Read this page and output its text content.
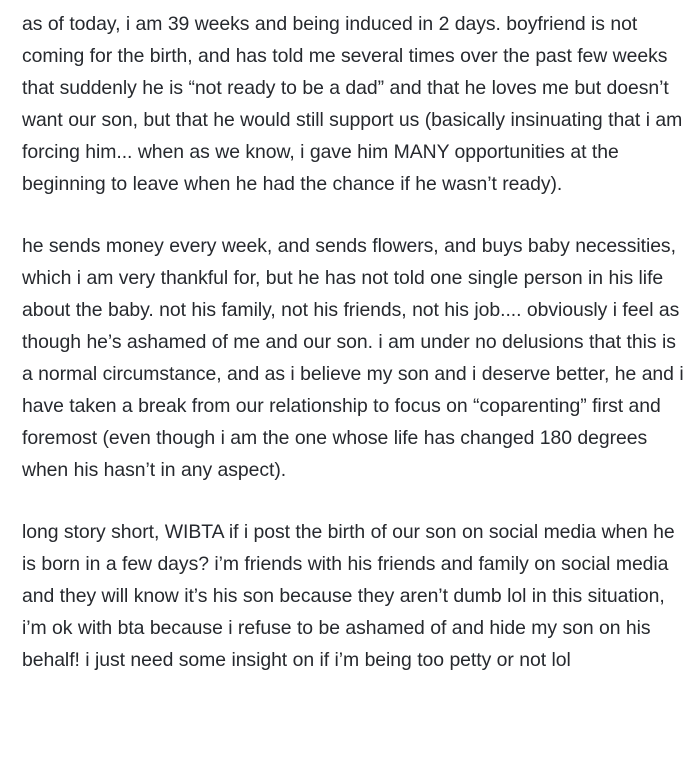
as of today, i am 39 weeks and being induced in 2 days. boyfriend is not coming for the birth, and has told me several times over the past few weeks that suddenly he is “not ready to be a dad” and that he loves me but doesn’t want our son, but that he would still support us (basically insinuating that i am forcing him... when as we know, i gave him MANY opportunities at the beginning to leave when he had the chance if he wasn’t ready).

he sends money every week, and sends flowers, and buys baby necessities, which i am very thankful for, but he has not told one single person in his life about the baby. not his family, not his friends, not his job.... obviously i feel as though he’s ashamed of me and our son. i am under no delusions that this is a normal circumstance, and as i believe my son and i deserve better, he and i have taken a break from our relationship to focus on “coparenting” first and foremost (even though i am the one whose life has changed 180 degrees when his hasn’t in any aspect).

long story short, WIBTA if i post the birth of our son on social media when he is born in a few days? i’m friends with his friends and family on social media and they will know it’s his son because they aren’t dumb lol in this situation, i’m ok with bta because i refuse to be ashamed of and hide my son on his behalf! i just need some insight on if i’m being too petty or not lol
